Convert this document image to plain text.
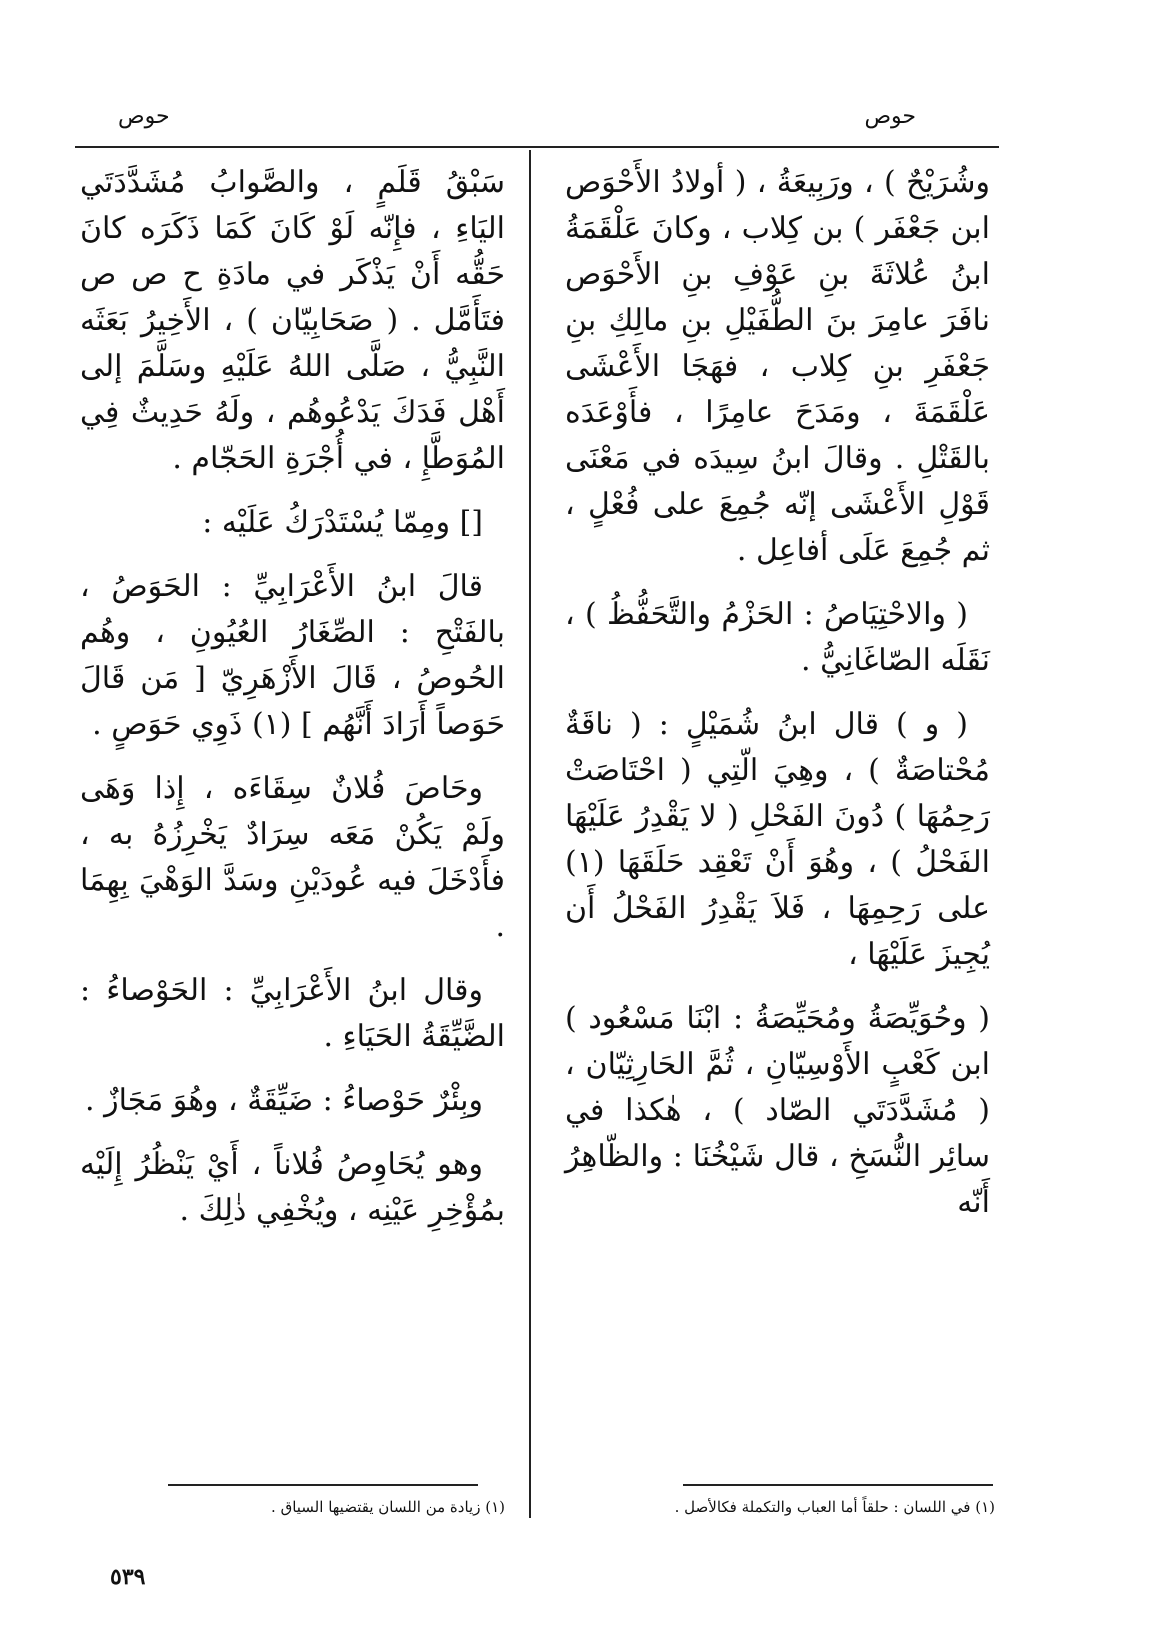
حوص
حوص

وشُرَيْحٌ ) ، ورَبِيعَةُ ، ( أولادُ الأَحْوَص ابن جَعْفَر ) بن كِلاب ، وكانَ عَلْقَمَةُ ابنُ عُلاثَةَ بنِ عَوْفِ بنِ الأَحْوَص نافَرَ عامِرَ بنَ الطُّفَيْلِ بنِ مالِكِ بنِ جَعْفَرِ بنِ كِلاب ، فهَجَا الأَعْشَى عَلْقَمَةَ ، ومَدَحَ عامِرًا ، فأَوْعَدَه بالقَتْلِ . وقالَ ابنُ سِيدَه في مَعْنَى قَوْلِ الأَعْشَى إنّه جُمِعَ على فُعْلٍ ، ثم جُمِعَ عَلَى أفاعِل .

( والاحْتِيَاصُ : الحَزْمُ والتَّحَفُّظُ ) ، نَقَلَه الصّاغَانِيُّ .

( و ) قال ابنُ شُمَيْلٍ : ( ناقَةٌ مُحْتاصَةٌ ) ، وهِيَ الّتِي ( احْتَاصَتْ رَحِمُهَا ) دُونَ الفَحْلِ ( لا يَقْدِرُ عَلَيْهَا الفَحْلُ ) ، وهُوَ أَنْ تَعْقِد حَلَقَهَا (١) على رَحِمِهَا ، فَلاَ يَقْدِرُ الفَحْلُ أَن يُجِيزَ عَلَيْهَا ،

( وحُوَيِّصَةُ ومُحَيِّصَةُ : ابْنَا مَسْعُود ) ابن كَعْبٍ الأَوْسِيّانِ ، ثُمَّ الحَارِثِيّان ، ( مُشَدَّدَتَي الصّاد ) ، هٰكذا في سائِر النُّسَخِ ، قال شَيْخُنَا : والظّاهِرُ أَنّه

سَبْقُ قَلَمٍ ، والصَّوابُ مُشَدَّدَتَي اليَاءِ ، فإِنّه لَوْ كَانَ كَمَا ذَكَرَه كانَ حَقُّه أَنْ يَذْكَر في مادَةِ ح ص ص فتَأَمَّل . ( صَحَابِيّان ) ، الأَخِيرُ بَعَثَه النَّبِيُّ ، صَلَّى اللهُ عَلَيْهِ وسَلَّمَ إلى أَهْل فَدَكَ يَدْعُوهُم ، ولَهُ حَدِيثٌ فِي المُوَطَّإِ ، في أُجْرَةِ الحَجّام .

[] ومِمّا يُسْتَدْرَكُ عَلَيْه :

قالَ ابنُ الأَعْرَابِيِّ : الحَوَصُ ، بالفَتْحِ : الصِّغَارُ العُيُونِ ، وهُم الحُوصُ ، قَالَ الأَزْهَرِيّ [ مَن قَالَ حَوَصاً أَرَادَ أَنَّهُم ] (١) ذَوِي حَوَصٍ .

وحَاصَ فُلانٌ سِقَاءَه ، إِذا وَهَى ولَمْ يَكُنْ مَعَه سِرَادٌ يَخْرِزُهُ به ، فأَدْخَلَ فيه عُودَيْنِ وسَدَّ الوَهْيَ بِهِمَا .

وقال ابنُ الأَعْرَابِيِّ : الحَوْصاءُ : الضَّيِّقَةُ الحَيَاءِ .

وبِئْرٌ حَوْصاءُ : ضَيِّقَةٌ ، وهُوَ مَجَازٌ .

وهو يُحَاوِصُ فُلاناً ، أَيْ يَنْظُرُ إِلَيْه بمُؤْخِرِ عَيْنِه ، ويُخْفِي ذٰلِكَ .

(١) في اللسان : حلقاً أما العباب والتكملة فكالأصل .
(١) زيادة من اللسان يقتضيها السياق .
٥٣٩
